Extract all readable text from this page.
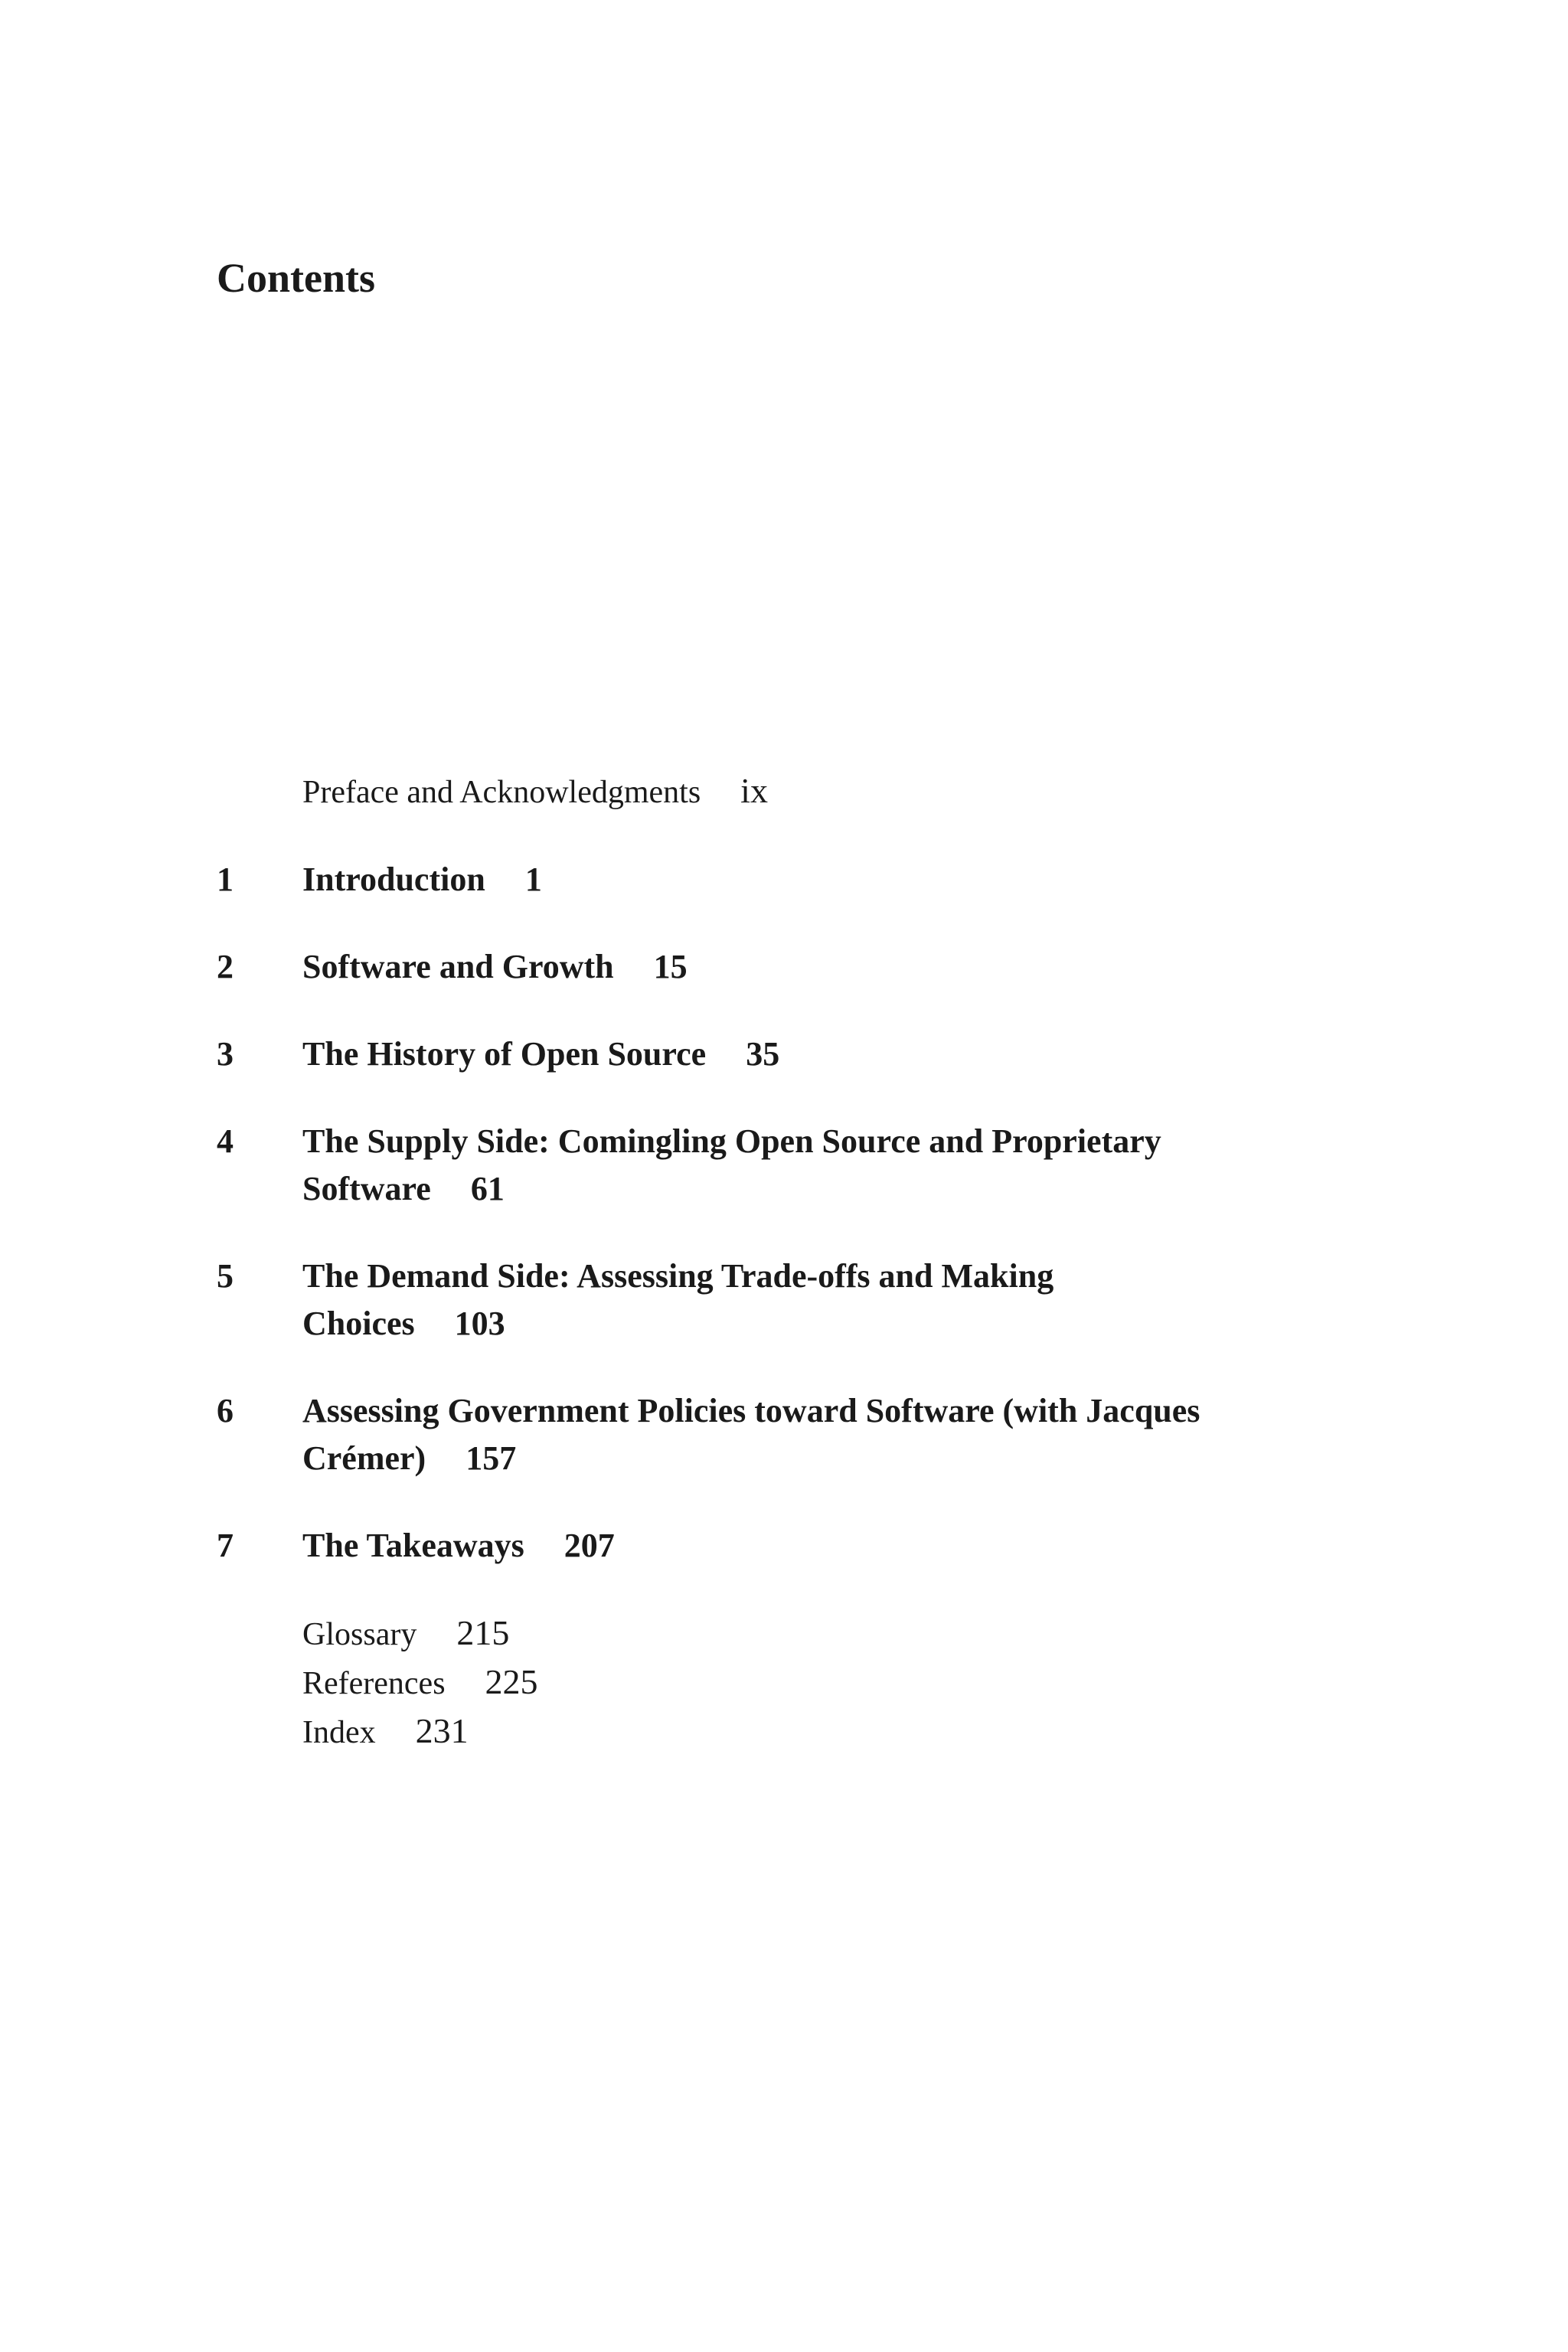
Contents
Preface and Acknowledgments ix
1	Introduction 1
2	Software and Growth 15
3	The History of Open Source 35
4	The Supply Side: Comingling Open Source and Proprietary
Software 61
5	The Demand Side: Assessing Trade-offs and Making
Choices 103
6	Assessing Government Policies toward Software (with Jacques
Crémer) 157
7	The Takeaways 207
Glossary 215
References 225
Index 231
